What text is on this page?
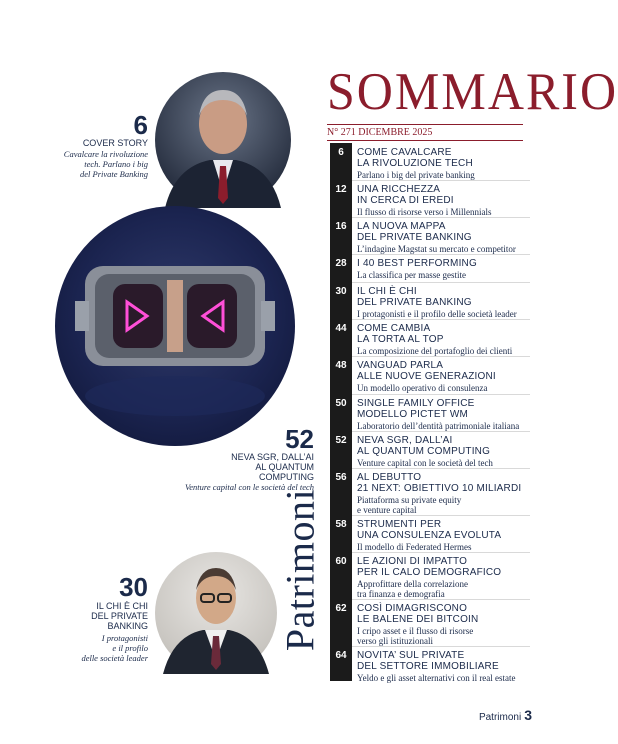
SOMMARIO
N° 271 DICEMBRE 2025
6
COVER STORY
Cavalcare la rivoluzione
tech. Parlano i big
del Private Banking
52
NEVA SGR, DALL’AI
AL QUANTUM
COMPUTING
Venture capital con le società del tech
30
IL CHI È CHI
DEL PRIVATE
BANKING
I protagonisti
e il profilo
delle società leader
Patrimoni
6	COME CAVALCARE
LA RIVOLUZIONE TECH
Parlano i big del private banking
12	UNA RICCHEZZA
IN CERCA DI EREDI
Il flusso di risorse verso i Millennials
16	LA NUOVA MAPPA
DEL PRIVATE BANKING
L’indagine Magstat su mercato e competitor
28	I 40 BEST PERFORMING
La classifica per masse gestite
30	IL CHI È CHI
DEL PRIVATE BANKING
I protagonisti e il profilo delle società leader
44	COME CAMBIA
LA TORTA AL TOP
La composizione del portafoglio dei clienti
48	VANGUAD PARLA
ALLE NUOVE GENERAZIONI
Un modello operativo di consulenza
50	SINGLE FAMILY OFFICE
MODELLO PICTET WM
Laboratorio dell’dentità patrimoniale italiana
52	NEVA SGR, DALL’AI
AL QUANTUM COMPUTING
Venture capital con le società del tech
56	AL DEBUTTO
21 NEXT: OBIETTIVO 10 MILIARDI
Piattaforma su private equity
e venture capital
58	STRUMENTI PER
UNA CONSULENZA EVOLUTA
Il modello di Federated Hermes
60	LE AZIONI DI IMPATTO
PER IL CALO DEMOGRAFICO
Approfittare della correlazione
tra finanza e demografia
62	COSÌ DIMAGRISCONO
LE BALENE DEI BITCOIN
I cripo asset e il flusso di risorse
verso gli istituzionali
64	NOVITA’ SUL PRIVATE
DEL SETTORE IMMOBILIARE
Yeldo e gli asset alternativi con il real estate
Patrimoni 3
